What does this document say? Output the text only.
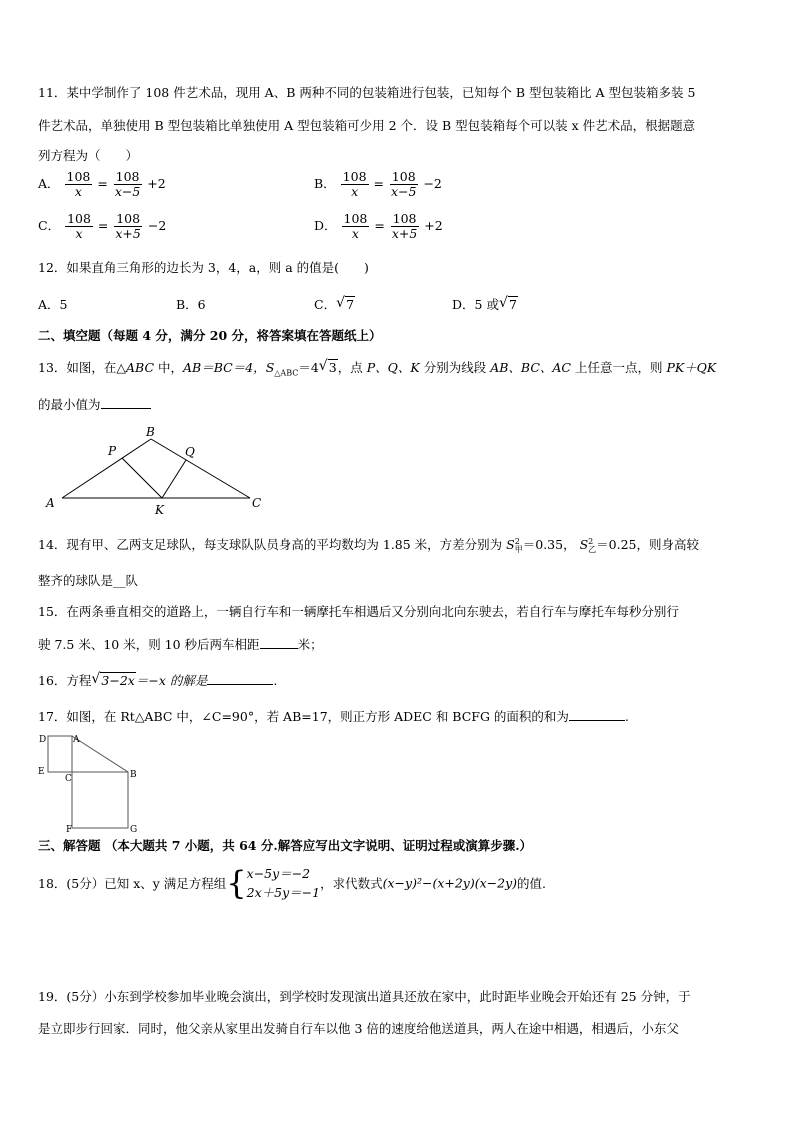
11．某中学制作了 108 件艺术品，现用 A、B 两种不同的包装箱进行包装，已知每个 B 型包装箱比 A 型包装箱多装 5
件艺术品，单独使用 B 型包装箱比单独使用 A 型包装箱可少用 2 个．设 B 型包装箱每个可以装 x 件艺术品，根据题意
列方程为（　　）
A． $\frac{108}{x} = \frac{108}{x-5} +2$	B． $\frac{108}{x} = \frac{108}{x-5} -2$
C． $\frac{108}{x} = \frac{108}{x+5} -2$	D． $\frac{108}{x} = \frac{108}{x+5} +2$
12．如果直角三角形的边长为 3，4，a，则 a 的值是(　　)
A．5	B．6	C．√ 7	D．5 或√ 7
二、填空题（每题 4 分，满分 20 分，将答案填在答题纸上）
13．如图，在△ABC 中，AB＝BC＝4，$S_{\triangle ABC}=4√$ 3，点 P、Q、K 分别为线段 AB、BC、AC 上任意一点，则 PK＋QK
的最小值为
A
B
C
P	Q
K
14．现有甲、乙两支足球队，每支球队队员身高的平均数均为 1.85 米，方差分别为 S 2
甲 ＝0.35， S 2
乙 ＝0.25，则身高较
整齐的球队是__队
15．在两条垂直相交的道路上，一辆自行车和一辆摩托车相遇后又分别向北向东驶去，若自行车与摩托车每秒分别行
驶 7.5 米、10 米，则 10 秒后两车相距	米；
16．方程√ 3−2x＝−x 的解是	.
17．如图，在 Rt△ABC 中，∠C=90°，若 AB=17，则正方形 ADEC 和 BCFG 的面积的和为	.
D	A
E
C	B
F	G
三、解答题 （本大题共 7 小题，共 64 分.解答应写出文字说明、证明过程或演算步骤.）
18．(5分）已知 x、y 满足方程组{ x−5y＝−2
2x＋5y＝−1
，求代数式(x−y)²−(x+2y)(x−2y)的值.
19．(5分）小东到学校参加毕业晚会演出，到学校时发现演出道具还放在家中，此时距毕业晚会开始还有 25 分钟，于
是立即步行回家．同时，他父亲从家里出发骑自行车以他 3 倍的速度给他送道具，两人在途中相遇，相遇后，小东父
